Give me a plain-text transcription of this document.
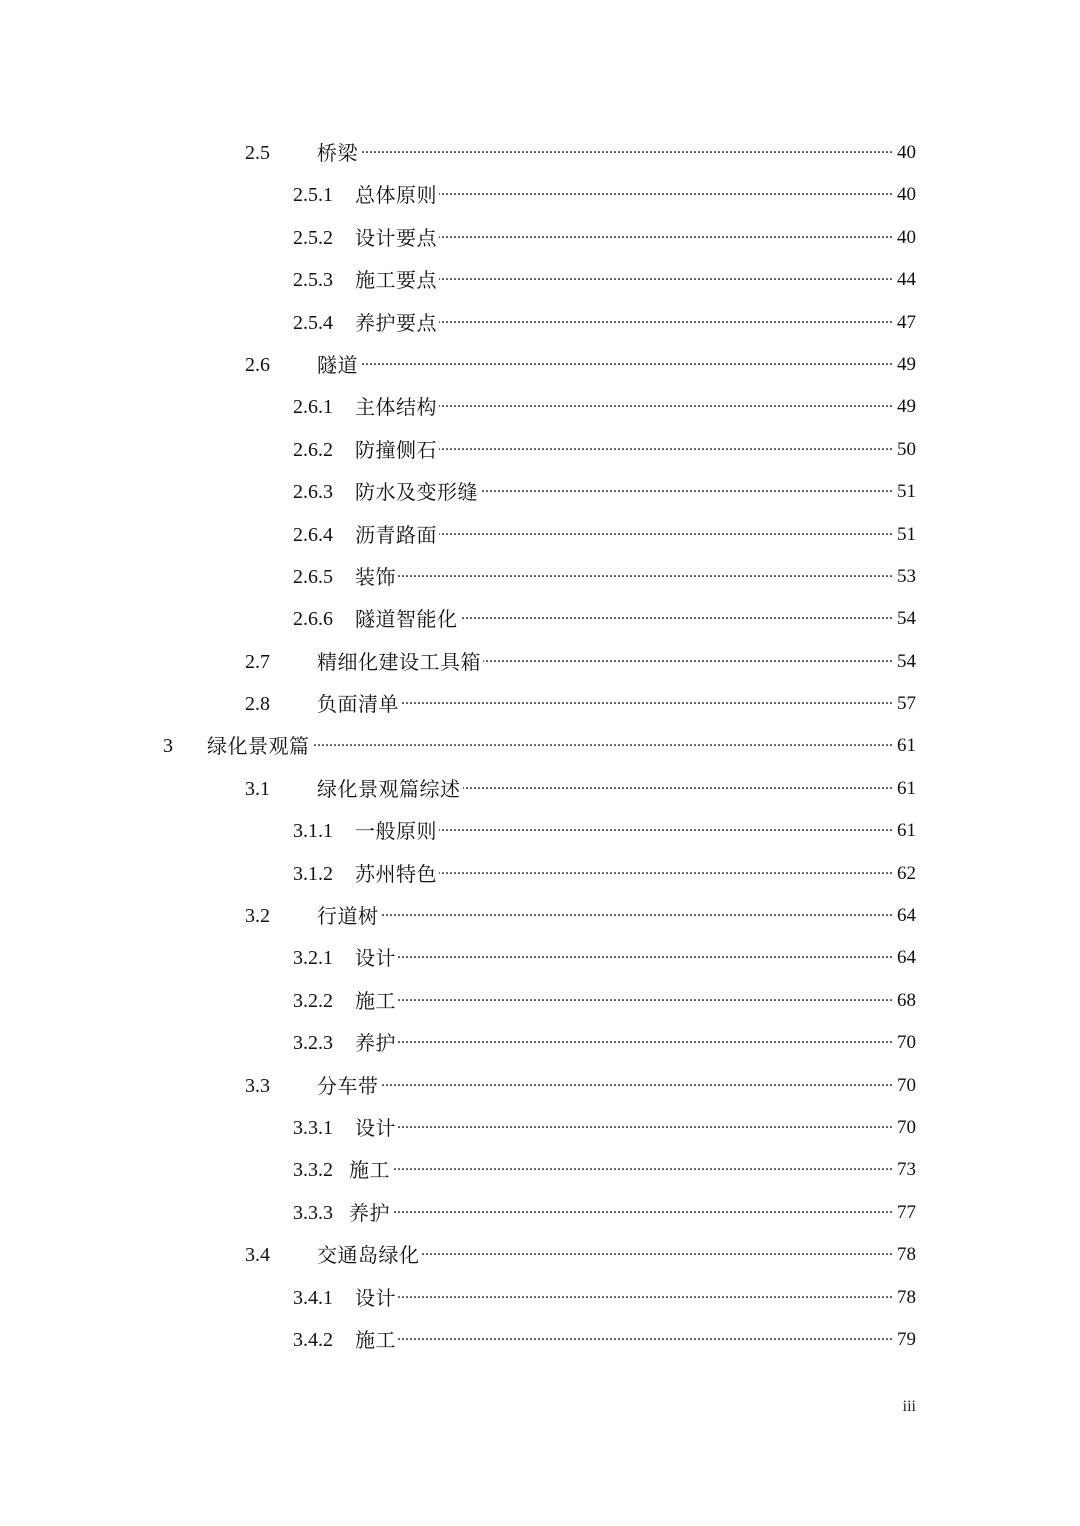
2.5 ..... 桥梁	40
2.5.1 ..... 总体原则	40
2.5.2 ..... 设计要点	40
2.5.3 ..... 施工要点	44
2.5.4 ..... 养护要点	47
2.6 ..... 隧道	49
2.6.1 ..... 主体结构	49
2.6.2 ..... 防撞侧石	50
2.6.3 ..... 防水及变形缝	51
2.6.4 ..... 沥青路面	51
2.6.5 ..... 装饰	53
2.6.6 ..... 隧道智能化	54
2.7 ..... 精细化建设工具箱	54
2.8 ..... 负面清单	57
3 ..... 绿化景观篇	61
3.1 ..... 绿化景观篇综述	61
3.1.1 ..... 一般原则	61
3.1.2 ..... 苏州特色	62
3.2 ..... 行道树	64
3.2.1 ..... 设计	64
3.2.2 ..... 施工	68
3.2.3 ..... 养护	70
3.3 ..... 分车带	70
3.3.1 ..... 设计	70
3.3.2 ..... 施工	73
3.3.3 ..... 养护	77
3.4 ..... 交通岛绿化	78
3.4.1 ..... 设计	78
3.4.2 ..... 施工	79
iii
